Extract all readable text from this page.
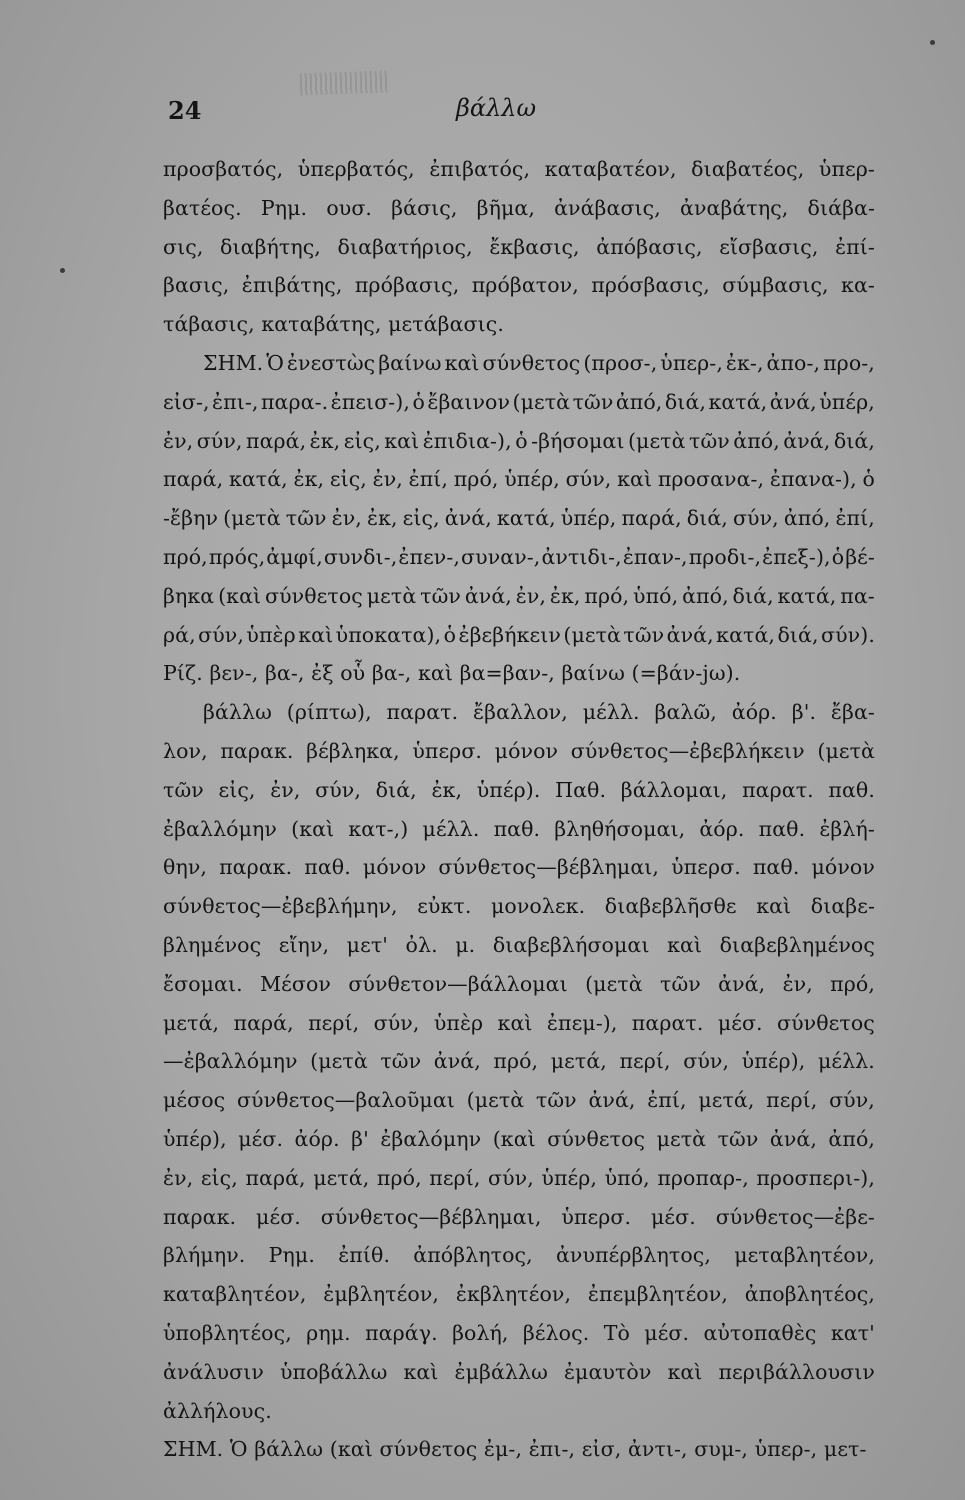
24	βάλλω
προσβατός, ὑπερβατός, ἐπιβατός, καταβατέον, διαβατέος, ὑπερ-
βατέος. Ρημ. ουσ. βάσις, βῆμα, ἀνάβασις, ἀναβάτης, διάβα-
σις, διαβήτης, διαβατήριος, ἔκβασις, ἀπόβασις, εἴσβασις, ἐπί-
βασις, ἐπιβάτης, πρόβασις, πρόβατον, πρόσβασις, σύμβασις, κα-
τάβασις, καταβάτης, μετάβασις.
ΣΗΜ. Ὁ ἐνεστὼς βαίνω καὶ σύνθετος (προσ-, ὑπερ-, ἐκ-, ἀπο-, προ-,
εἰσ-, ἐπι-, παρα-. ἐπεισ-), ὁ ἔβαινον (μετὰ τῶν ἀπό, διά, κατά, ἀνά, ὑπέρ,
ἐν, σύν, παρά, ἐκ, εἰς, καὶ ἐπιδια-), ὁ -βήσομαι (μετὰ τῶν ἀπό, ἀνά, διά,
παρά, κατά, ἐκ, εἰς, ἐν, ἐπί, πρό, ὑπέρ, σύν, καὶ προσανα-, ἐπανα-), ὁ
-ἔβην (μετὰ τῶν ἐν, ἐκ, εἰς, ἀνά, κατά, ὑπέρ, παρά, διά, σύν, ἀπό, ἐπί,
πρό, πρός, ἀμφί, συνδι-, ἐπεν-, συναν-, ἀντιδι-, ἐπαν-, προδι-, ἐπεξ-), ὁ βέ-
βηκα (καὶ σύνθετος μετὰ τῶν ἀνά, ἐν, ἐκ, πρό, ὑπό, ἀπό, διά, κατά, πα-
ρά, σύν, ὑπὲρ καὶ ὑποκατα), ὁ ἐβεβήκειν (μετὰ τῶν ἀνά, κατά, διά, σύν).
Ρίζ. βεν-, βα-, ἐξ οὗ βα-, καὶ βα=βαν-, βαίνω (=βάν-jω).
βάλλω (ρίπτω), παρατ. ἔβαλλον, μέλλ. βαλῶ, ἀόρ. β'. ἔβα-
λον, παρακ. βέβληκα, ὑπερσ. μόνον σύνθετος—ἐβεβλήκειν (μετὰ
τῶν εἰς, ἐν, σύν, διά, ἐκ, ὑπέρ). Παθ. βάλλομαι, παρατ. παθ.
ἐβαλλόμην (καὶ κατ-,) μέλλ. παθ. βληθήσομαι, ἀόρ. παθ. ἐβλή-
θην, παρακ. παθ. μόνον σύνθετος—βέβλημαι, ὑπερσ. παθ. μόνον
σύνθετος—ἐβεβλήμην, εὐκτ. μονολεκ. διαβεβλῆσθε καὶ διαβε-
βλημένος εἴην, μετ' ὀλ. μ. διαβεβλήσομαι καὶ διαβεβλημένος
ἔσομαι. Μέσον σύνθετον—βάλλομαι (μετὰ τῶν ἀνά, ἐν, πρό,
μετά, παρά, περί, σύν, ὑπὲρ καὶ ἐπεμ-), παρατ. μέσ. σύνθετος
—ἐβαλλόμην (μετὰ τῶν ἀνά, πρό, μετά, περί, σύν, ὑπέρ), μέλλ.
μέσος σύνθετος—βαλοῦμαι (μετὰ τῶν ἀνά, ἐπί, μετά, περί, σύν,
ὑπέρ), μέσ. ἀόρ. β' ἐβαλόμην (καὶ σύνθετος μετὰ τῶν ἀνά, ἀπό,
ἐν, εἰς, παρά, μετά, πρό, περί, σύν, ὑπέρ, ὑπό, προπαρ-, προσπερι-),
παρακ. μέσ. σύνθετος—βέβλημαι, ὑπερσ. μέσ. σύνθετος—ἐβε-
βλήμην. Ρημ. ἐπίθ. ἀπόβλητος, ἀνυπέρβλητος, μεταβλητέον,
καταβλητέον, ἐμβλητέον, ἐκβλητέον, ἐπεμβλητέον, ἀποβλητέος,
ὑποβλητέος, ρημ. παράγ. βολή, βέλος. Τὸ μέσ. αὐτοπαθὲς κατ'
ἀνάλυσιν ὑποβάλλω καὶ ἐμβάλλω ἐμαυτὸν καὶ περιβάλλουσιν
ἀλλήλους.
ΣΗΜ. Ὁ βάλλω (καὶ σύνθετος ἐμ-, ἐπι-, εἰσ, ἀντι-, συμ-, ὑπερ-, μετ-
